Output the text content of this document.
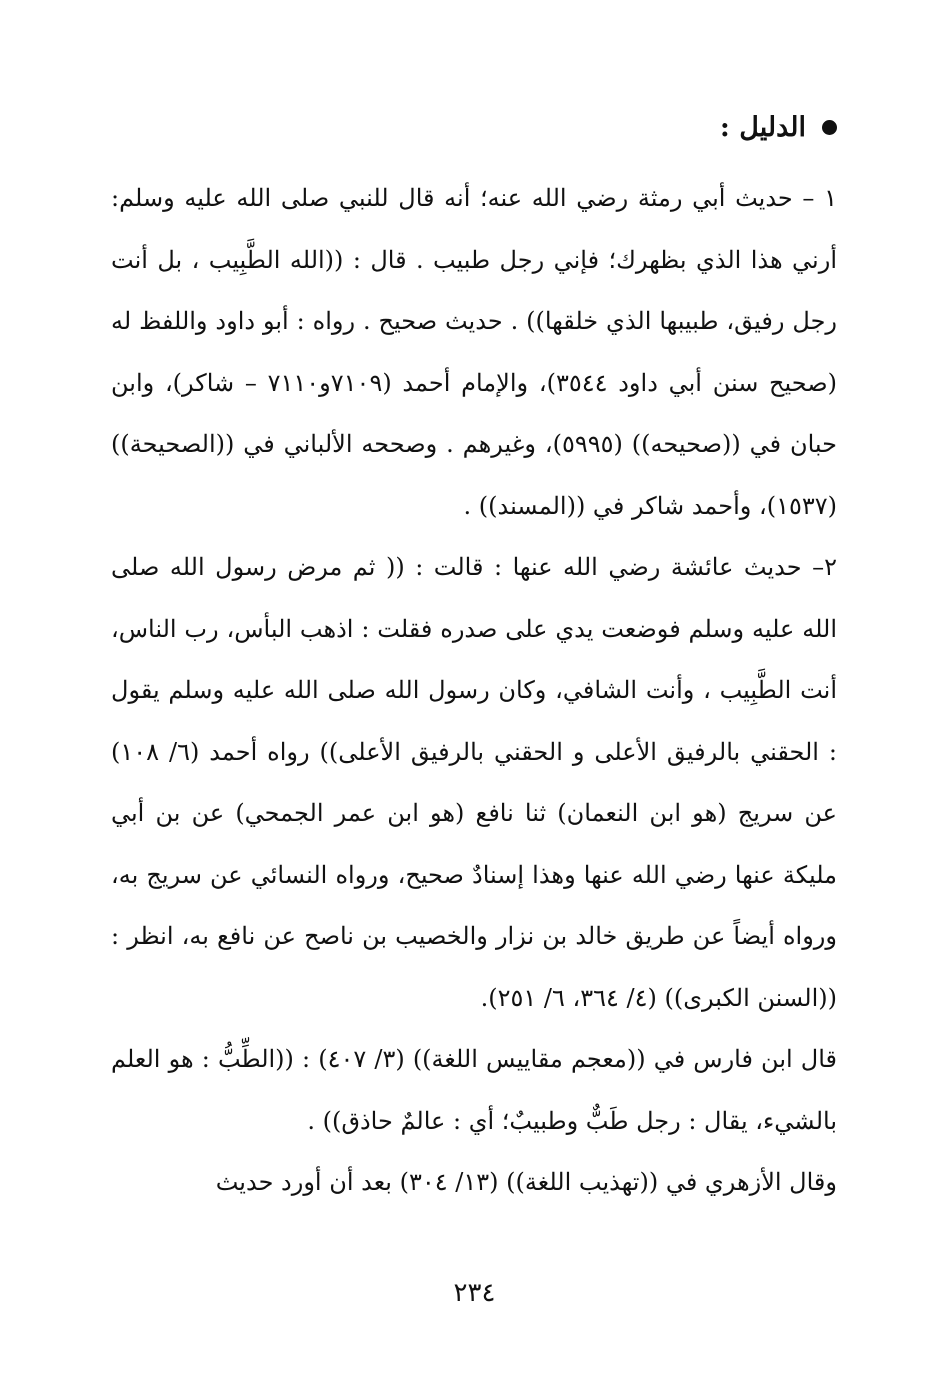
الدليل :

١ – حديث أبي رمثة رضي الله عنه؛ أنه قال للنبي صلى الله عليه وسلم: أرني هذا الذي بظهرك؛ فإني رجل طبيب . قال : ((الله الطَّبِيب ، بل أنت رجل رفيق، طبيبها الذي خلقها)) . حديث صحيح . رواه : أبو داود واللفظ له (صحيح سنن أبي داود ٣٥٤٤)، والإمام أحمد (٧١٠٩و٧١١٠ – شاكر)، وابن حبان في ((صحيحه)) (٥٩٩٥)، وغيرهم . وصححه الألباني في ((الصحيحة)) (١٥٣٧)، وأحمد شاكر في ((المسند)) .

٢– حديث عائشة رضي الله عنها : قالت : (( ثم مرض رسول الله صلى الله عليه وسلم فوضعت يدي على صدره فقلت : اذهب البأس، رب الناس، أنت الطَّبِيب ، وأنت الشافي، وكان رسول الله صلى الله عليه وسلم يقول : الحقني بالرفيق الأعلى و الحقني بالرفيق الأعلى)) رواه أحمد (٦/ ١٠٨) عن سريج (هو ابن النعمان) ثنا نافع (هو ابن عمر الجمحي) عن بن أبي مليكة عنها رضي الله عنها وهذا إسنادٌ صحيح، ورواه النسائي عن سريج به، ورواه أيضاً عن طريق خالد بن نزار والخصيب بن ناصح عن نافع به، انظر : ((السنن الكبرى)) (٤/ ٣٦٤، ٦/ ٢٥١).

قال ابن فارس في ((معجم مقاييس اللغة)) (٣/ ٤٠٧) : ((الطِّبُّ : هو العلم بالشيء، يقال : رجل طَبٌّ وطبيبٌ؛ أي : عالمٌ حاذق)) .

وقال الأزهري في ((تهذيب اللغة)) (١٣/ ٣٠٤) بعد أن أورد حديث

٢٣٤
